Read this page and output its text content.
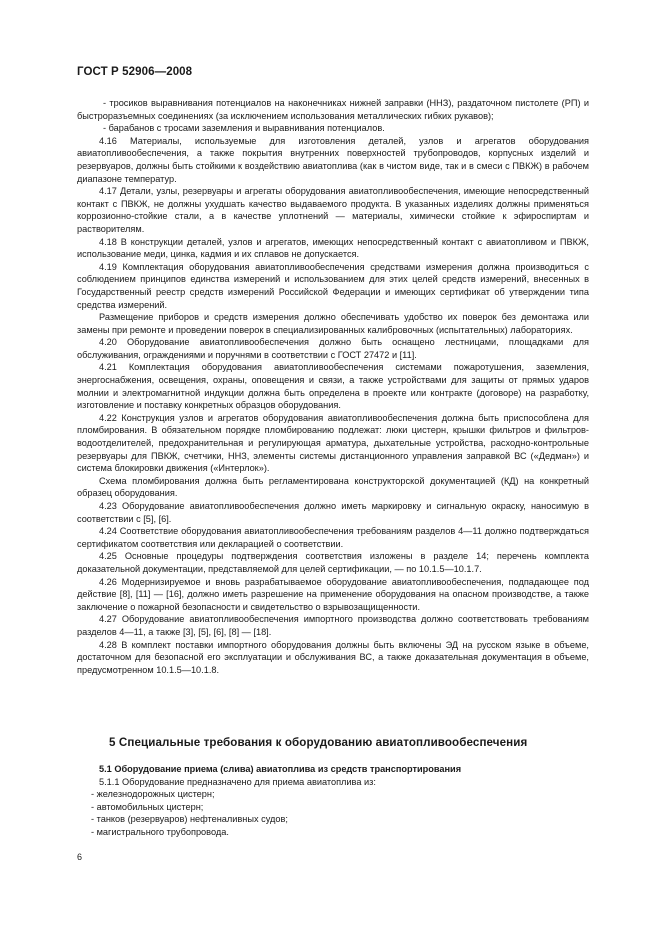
ГОСТ Р 52906—2008

- тросиков выравнивания потенциалов на наконечниках нижней заправки (ННЗ), раздаточном пистолете (РП) и быстроразъемных соединениях (за исключением использования металлических гибких рукавов);

- барабанов с тросами заземления и выравнивания потенциалов.

4.16 Материалы, используемые для изготовления деталей, узлов и агрегатов оборудования авиатопливообеспечения, а также покрытия внутренних поверхностей трубопроводов, корпусных изделий и резервуаров, должны быть стойкими к воздействию авиатоплива (как в чистом виде, так и в смеси с ПВКЖ) в рабочем диапазоне температур.

4.17 Детали, узлы, резервуары и агрегаты оборудования авиатопливообеспечения, имеющие непосредственный контакт с ПВКЖ, не должны ухудшать качество выдаваемого продукта. В указанных изделиях должны применяться коррозионно-стойкие стали, а в качестве уплотнений — материалы, химически стойкие к эфироспиртам и растворителям.

4.18 В конструкции деталей, узлов и агрегатов, имеющих непосредственный контакт с авиатопливом и ПВКЖ, использование меди, цинка, кадмия и их сплавов не допускается.

4.19 Комплектация оборудования авиатопливообеспечения средствами измерения должна производиться с соблюдением принципов единства измерений и использованием для этих целей средств измерений, внесенных в Государственный реестр средств измерений Российской Федерации и имеющих сертификат об утверждении типа средства измерений.

Размещение приборов и средств измерения должно обеспечивать удобство их поверок без демонтажа или замены при ремонте и проведении поверок в специализированных калибровочных (испытательных) лабораториях.

4.20 Оборудование авиатопливообеспечения должно быть оснащено лестницами, площадками для обслуживания, ограждениями и поручнями в соответствии с ГОСТ 27472 и [11].

4.21 Комплектация оборудования авиатопливообеспечения системами пожаротушения, заземления, энергоснабжения, освещения, охраны, оповещения и связи, а также устройствами для защиты от прямых ударов молнии и электромагнитной индукции должна быть определена в проекте или контракте (договоре) на разработку, изготовление и поставку конкретных образцов оборудования.

4.22 Конструкция узлов и агрегатов оборудования авиатопливообеспечения должна быть приспособлена для пломбирования. В обязательном порядке пломбированию подлежат: люки цистерн, крышки фильтров и фильтров-водоотделителей, предохранительная и регулирующая арматура, дыхательные устройства, расходно-контрольные резервуары для ПВКЖ, счетчики, ННЗ, элементы системы дистанционного управления заправкой ВС («Дедман») и система блокировки движения («Интерлок»).

Схема пломбирования должна быть регламентирована конструкторской документацией (КД) на конкретный образец оборудования.

4.23 Оборудование авиатопливообеспечения должно иметь маркировку и сигнальную окраску, наносимую в соответствии с [5], [6].

4.24 Соответствие оборудования авиатопливообеспечения требованиям разделов 4—11 должно подтверждаться сертификатом соответствия или декларацией о соответствии.

4.25 Основные процедуры подтверждения соответствия изложены в разделе 14; перечень комплекта доказательной документации, представляемой для целей сертификации, — по 10.1.5—10.1.7.

4.26 Модернизируемое и вновь разрабатываемое оборудование авиатопливообеспечения, подпадающее под действие [8], [11] — [16], должно иметь разрешение на применение оборудования на опасном производстве, а также заключение о пожарной безопасности и свидетельство о взрывозащищенности.

4.27 Оборудование авиатопливообеспечения импортного производства должно соответствовать требованиям разделов 4—11, а также [3], [5], [6], [8] — [18].

4.28 В комплект поставки импортного оборудования должны быть включены ЭД на русском языке в объеме, достаточном для безопасной его эксплуатации и обслуживания ВС, а также доказательная документация в объеме, предусмотренном 10.1.5—10.1.8.

5 Специальные требования к оборудованию авиатопливообеспечения

5.1 Оборудование приема (слива) авиатоплива из средств транспортирования

5.1.1 Оборудование предназначено для приема авиатоплива из:

- железнодорожных цистерн;

- автомобильных цистерн;

- танков (резервуаров) нефтеналивных судов;

- магистрального трубопровода.

6
